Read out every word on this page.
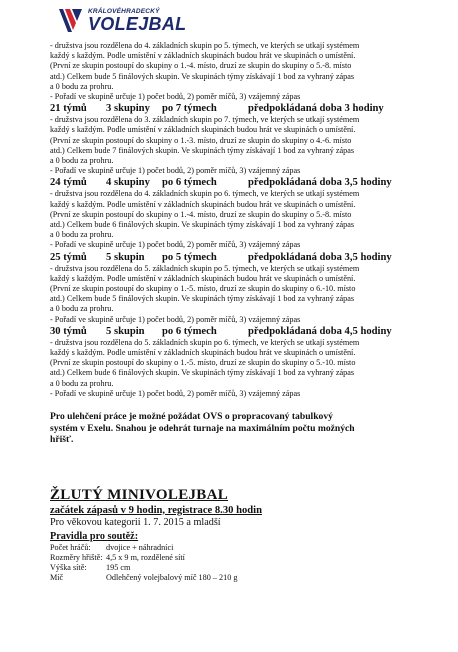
KRÁLOVÉHRADECKÝ
VOLEJBAL
- družstva jsou rozdělena do 4. základních skupin po 5. týmech, ve kterých se utkají systémem
každý s každým. Podle umístění v základních skupinách budou hrát ve skupinách o umístění.
(První ze skupin postoupí do skupiny o 1.-4. místo, druzí ze skupin do skupiny o 5.-8. místo
atd.) Celkem bude 5 finálových skupin. Ve skupinách týmy získávají 1 bod za vyhraný zápas
a 0 bodu za prohru.
- Pořadí ve skupině určuje 1) počet bodů, 2) poměr míčů, 3) vzájemný zápas
21 týmů	3 skupiny	po 7 týmech	předpokládaná doba 3 hodiny
- družstva jsou rozdělena do 3. základních skupin po 7. týmech, ve kterých se utkají systémem
každý s každým. Podle umístění v základních skupinách budou hrát ve skupinách o umístění.
(První ze skupin postoupí do skupiny o 1.-3. místo, druzí ze skupin do skupiny o 4.-6. místo
atd.) Celkem bude 7 finálových skupin. Ve skupinách týmy získávají 1 bod za vyhraný zápas
a 0 bodu za prohru.
- Pořadí ve skupině určuje 1) počet bodů, 2) poměr míčů, 3) vzájemný zápas
24 týmů	4 skupiny	po 6 týmech	předpokládaná doba 3,5 hodiny
- družstva jsou rozdělena do 4. základních skupin po 6. týmech, ve kterých se utkají systémem
každý s každým. Podle umístění v základních skupinách budou hrát ve skupinách o umístění.
(První ze skupin postoupí do skupiny o 1.-4. místo, druzí ze skupin do skupiny o 5.-8. místo
atd.) Celkem bude 6 finálových skupin. Ve skupinách týmy získávají 1 bod za vyhraný zápas
a 0 bodu za prohru.
- Pořadí ve skupině určuje 1) počet bodů, 2) poměr míčů, 3) vzájemný zápas
25 týmů	5 skupin	po 5 týmech	předpokládaná doba 3,5 hodiny
- družstva jsou rozdělena do 5. základních skupin po 5. týmech, ve kterých se utkají systémem
každý s každým. Podle umístění v základních skupinách budou hrát ve skupinách o umístění.
(První ze skupin postoupí do skupiny o 1.-5. místo, druzí ze skupin do skupiny o 6.-10. místo
atd.) Celkem bude 5 finálových skupin. Ve skupinách týmy získávají 1 bod za vyhraný zápas
a 0 bodu za prohru.
- Pořadí ve skupině určuje 1) počet bodů, 2) poměr míčů, 3) vzájemný zápas
30 týmů	5 skupin	po 6 týmech	předpokládaná doba 4,5 hodiny
- družstva jsou rozdělena do 5. základních skupin po 6. týmech, ve kterých se utkají systémem
každý s každým. Podle umístění v základních skupinách budou hrát ve skupinách o umístění.
(První ze skupin postoupí do skupiny o 1.-5. místo, druzí ze skupin do skupiny o 5.-10. místo
atd.) Celkem bude 6 finálových skupin. Ve skupinách týmy získávají 1 bod za vyhraný zápas
a 0 bodu za prohru.
- Pořadí ve skupině určuje 1) počet bodů, 2) poměr míčů, 3) vzájemný zápas
Pro ulehčení práce je možné požádat OVS o propracovaný tabulkový
systém v Exelu. Snahou je odehrát turnaje na maximálním počtu možných
hřišť.
ŽLUTÝ MINIVOLEJBAL
začátek zápasů v 9 hodin, registrace 8.30 hodin
Pro věkovou kategorii 1. 7. 2015 a mladší
Pravidla pro soutěž:
Počet hráčů:	dvojice + náhradníci
Rozměry hřiště: 4,5 x 9 m, rozdělené sítí
Výška sítě:	195 cm
Míč	Odlehčený volejbalový míč 180 – 210 g
